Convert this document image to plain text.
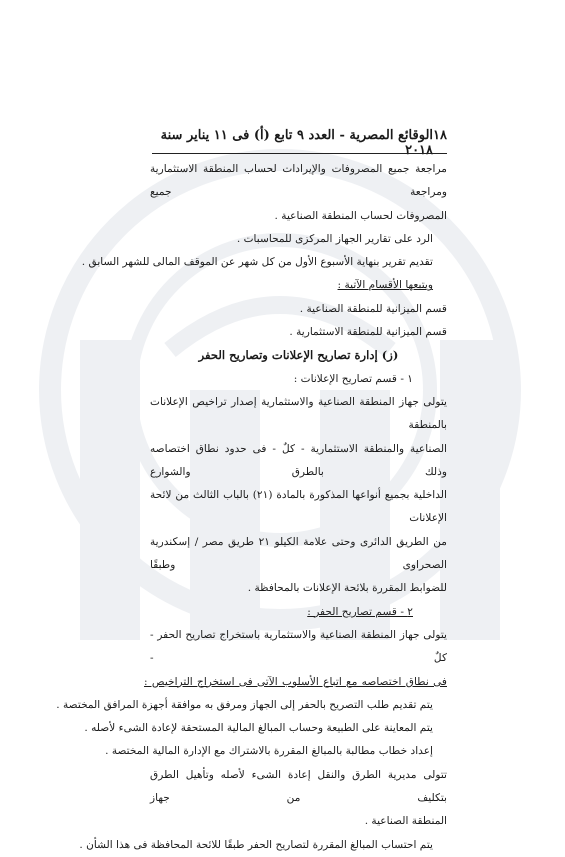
١٨
الوقائع المصرية - العدد ٩ تابع (أ) فى ١١ يناير سنة ٢٠١٨
مراجعة جميع المصروفات والإيرادات لحساب المنطقة الاستثمارية ومراجعة جميع
المصروفات لحساب المنطقة الصناعية .
الرد على تقارير الجهاز المركزى للمحاسبات .
تقديم تقرير بنهاية الأسبوع الأول من كل شهر عن الموقف المالى للشهر السابق .
ويتبعها الأقسام الآتية :
قسم الميزانية للمنطقة الصناعية .
قسم الميزانية للمنطقة الاستثمارية .
(ز) إدارة تصاريح الإعلانات وتصاريح الحفر
١ - قسم تصاريح الإعلانات :
يتولى جهاز المنطقة الصناعية والاستثمارية إصدار تراخيص الإعلانات بالمنطقة
الصناعية والمنطقة الاستثمارية - كلٌ - فى حدود نطاق اختصاصه وذلك بالطرق والشوارع
الداخلية بجميع أنواعها المذكورة بالمادة (٢١) بالباب الثالث من لائحة الإعلانات
من الطريق الدائرى وحتى علامة الكيلو ٢١ طريق مصر / إسكندرية الصحراوى وطبقًا
للضوابط المقررة بلائحة الإعلانات بالمحافظة .
٢ - قسم تصاريح الحفر :
يتولى جهاز المنطقة الصناعية والاستثمارية باستخراج تصاريح الحفر - كلٌ -
فى نطاق اختصاصه مع اتباع الأسلوب الآتى فى استخراج التراخيص :
يتم تقديم طلب التصريح بالحفر إلى الجهاز ومرفق به موافقة أجهزة المرافق المختصة .
يتم المعاينة على الطبيعة وحساب المبالغ المالية المستحقة لإعادة الشىء لأصله .
إعداد خطاب مطالبة بالمبالغ المقررة بالاشتراك مع الإدارة المالية المختصة .
تتولى مديرية الطرق والنقل إعادة الشىء لأصله وتأهيل الطرق بتكليف من جهاز
المنطقة الصناعية .
يتم احتساب المبالغ المقررة لتصاريح الحفر طبقًا للائحة المحافظة فى هذا الشأن .
